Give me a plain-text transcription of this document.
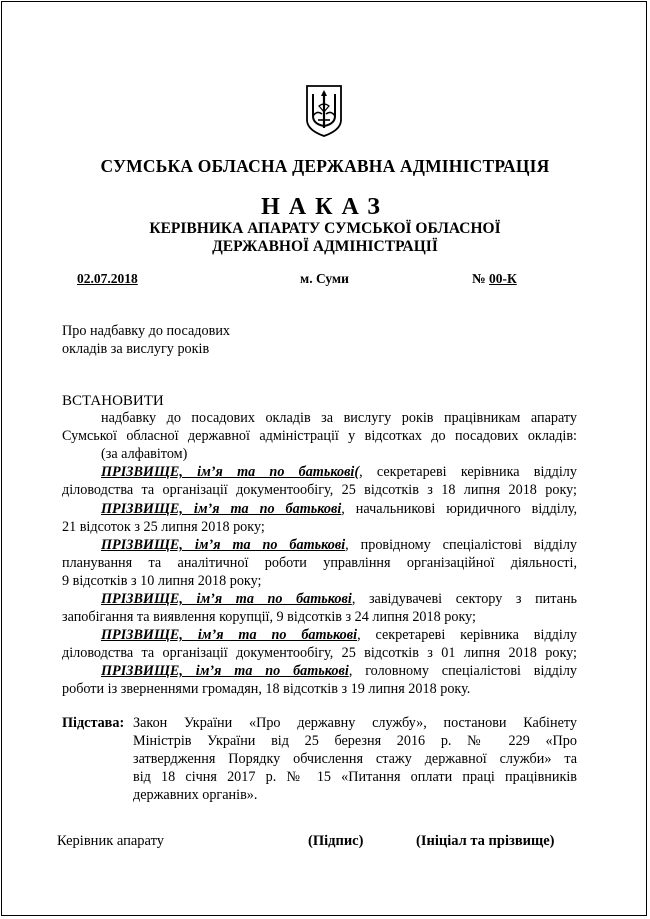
СУМСЬКА ОБЛАСНА ДЕРЖАВНА АДМІНІСТРАЦІЯ
НАКАЗ
КЕРІВНИКА АПАРАТУ СУМСЬКОЇ ОБЛАСНОЇ
ДЕРЖАВНОЇ АДМІНІСТРАЦІЇ
02.07.2018	м. Суми	№ 00-К
Про надбавку до посадових
окладів за вислугу років
ВСТАНОВИТИ
надбавку до посадових окладів за вислугу років працівникам апарату
Сумської обласної державної адміністрації у відсотках до посадових окладів:
(за алфавітом)
ПРІЗВИЩЕ, ім’я та по батькові(, секретареві керівника відділу
діловодства та організації документообігу, 25 відсотків з 18 липня 2018 року;
ПРІЗВИЩЕ, ім’я та по батькові, начальникові юридичного відділу,
21 відсоток з 25 липня 2018 року;
ПРІЗВИЩЕ, ім’я та по батькові, провідному спеціалістові відділу
планування та аналітичної роботи управління організаційної діяльності,
9 відсотків з 10 липня 2018 року;
ПРІЗВИЩЕ, ім’я та по батькові, завідувачеві сектору з питань
запобігання та виявлення корупції, 9 відсотків з 24 липня 2018 року;
ПРІЗВИЩЕ, ім’я та по батькові, секретареві керівника відділу
діловодства та організації документообігу, 25 відсотків з 01 липня 2018 року;
ПРІЗВИЩЕ, ім’я та по батькові, головному спеціалістові відділу
роботи із зверненнями громадян, 18 відсотків з 19 липня 2018 року.
Підстава: Закон України «Про державну службу», постанови Кабінету
Міністрів України від 25 березня 2016 р. № 229 «Про
затвердження Порядку обчислення стажу державної служби» та
від 18 січня 2017 р. № 15 «Питання оплати праці працівників
державних органів».
Керівник апарату	(Підпис)	(Ініціал та прізвище)
